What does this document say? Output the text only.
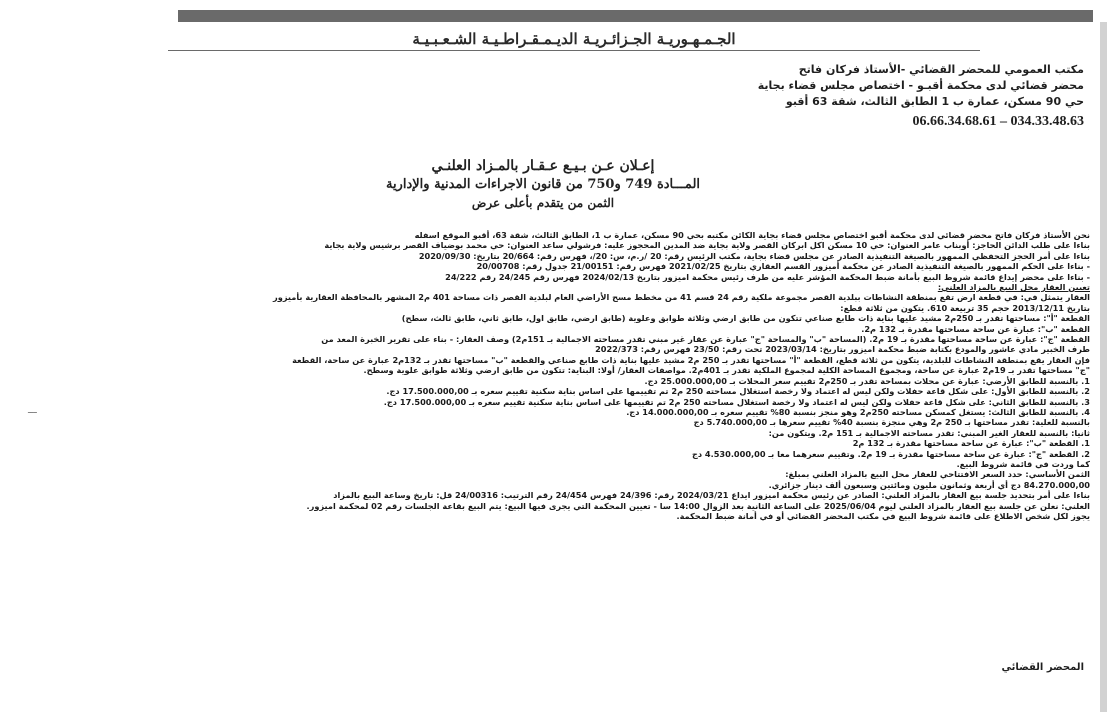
ـــ
الجـمـهـوريـة الجـزائـريـة الديـمـقـراطـيـة الشـعـبـيـة
مكتب العمومي للمحضر القضائي -الأستاذ فركان فاتح
محضر قضائي لدى محكمة أقبـو - اختصاص مجلس قضاء بجاية
حي 90 مسكن، عمارة ب 1 الطابق الثالث، شقة 63 أقبو
06.66.34.68.61 – 034.33.48.63
إعـلان عـن بـيـع عـقـار بالمـزاد العلنـي
المـــادة 749 و750 من قانون الاجراءات المدنية والإدارية
الثمن من يتقدم بأعلى عرض

نحن الأستاذ فركان فاتح محضر قضائي لدى محكمة أقبو اختصاص مجلس قضاء بجاية الكائن مكتبه بحي 90 مسكن، عمارة ب 1، الطابق الثالث، شقة 63، أقبو الموقع اسفله

بناءا على طلب الدائن الحاجز: أوبناب عامر العنوان: حي 10 مسكن اكل ابركان القصر ولاية بجاية ضد المدين المحجوز عليه: فرشولي ساعد العنوان: حي محمد بوضياف القصر برشيس ولاية بجاية

بناءا على أمر الحجز التحفظي الممهور بالصيغة التنفيذية الصادر عن مجلس قضاء بجاية، مكتب الرئيس رقم: 20 /ر.م، س: 20/، فهرس رقم: 20/664 بتاريخ: 2020/09/30

- بناءا على الحكم الممهور بالصيغة التنفيذية الصادر عن محكمة أميزور القسم العقاري بتاريخ 2021/02/25 فهرس رقم: 21/00151 جدول رقم: 20/00708

- بناءا على محضر إيداع قائمة شروط البيع بأمانة ضبط المحكمة المؤشر عليه من طرف رئيس محكمة اميزور بتاريخ 2024/02/13 فهرس رقم 24/245 رقم 24/222

تعيين العقار محل البيع بالمزاد العلني:

العقار يتمثل في: في قطعة ارض تقع بمنطقة النشاطات ببلدية القصر مجموعة ملكية رقم 24 قسم 41 من مخطط مسح الأراضي العام لبلدية القصر ذات مساحة 401 م2 المشهر بالمحافظة العقارية بأميزور

بتاريخ 2013/12/11 حجم 35 تربيعة 610. يتكون من ثلاثة قطع:

القطعة "أ": مساحتها تقدر بـ 250م2 مشيد عليها بناية ذات طابع صناعي تتكون من طابق ارضي وثلاثة طوابق وعلوية (طابق ارضي، طابق اول، طابق ثاني، طابق ثالث، سطح)

القطعة "ب": عبارة عن ساحة مساحتها مقدرة بـ 132 م2.

القطعة "ج": عبارة عن ساحة مساحتها مقدرة بـ 19 م2. (المساحة "ب" والمساحة "ج" عبارة عن عقار غير مبني تقدر مساحته الاجمالية بـ 151م2) وصف العقار: - بناء على تقرير الخبرة المعد من

طرف الخبير مادي عاشور والمودع بكتابة ضبط محكمة اميزور بتاريخ: 2023/03/14 تحت رقم: 23/50 فهرس رقم: 2022/373

فإن العقار يقع بمنطقة النشاطات للبلدية، يتكون من ثلاثة قطع، القطعة "أ" مساحتها تقدر بـ 250 م2 مشيد عليها بناية ذات طابع صناعي والقطعة "ب" مساحتها تقدر بـ 132م2 عبارة عن ساحة، القطعة

"ج" مساحتها تقدر بـ 19م2 عبارة عن ساحة، ومجموع المساحة الكلية لمجموع الملكية تقدر بـ 401م2. مواصفات العقار/ أولا: البناية: تتكون من طابق ارضي وثلاثة طوابق علوية وسطح.

1. بالنسبة للطابق الأرضي: عبارة عن محلات بمساحة تقدر بـ 250م2 تقييم سعر المحلات بـ 25.000.000,00 دج.

2. بالنسبة للطابق الأول: على شكل قاعة حفلات ولكن ليس له اعتماد ولا رخصة استغلال مساحته 250 م2 تم تقييمها على اساس بناية سكنية تقييم سعره بـ 17.500.000,00 دج.

3. بالنسبة للطابق الثاني: على شكل قاعة حفلات ولكن ليس له اعتماد ولا رخصة استغلال مساحته 250 م2 تم تقييمها على اساس بناية سكنية تقييم سعره بـ 17.500.000,00 دج.

4. بالنسبة للطابق الثالث: يستغل كمسكن مساحته 250م2 وهو منجز بنسبة 80% تقييم سعره بـ 14.000.000,00 دج.

بالنسبة للعلية: تقدر مساحتها بـ 250 م2 وهي منجزة بنسبة 40% تقييم سعرها بـ 5.740.000,00 دج

ثانيا: بالنسبة للعقار الغير المبني: تقدر مساحته الاجمالية بـ 151 م2. ويتكون من:

1. القطعة "ب": عبارة عن ساحة مساحتها مقدرة بـ 132 م2

2. القطعة "ج": عبارة عن ساحة مساحتها مقدرة بـ 19 م2. وتقييم سعرهما معا بـ 4.530.000,00 دج

كما وردت في قائمة شروط البيع.

الثمن الأساسي: حدد السعر الافتتاحي للعقار محل البيع بالمزاد العلني بمبلغ:

84.270.000,00 دج أي أربعة وثمانون مليون ومائتين وسبعون ألف دينار جزائري.

بناءا على أمر بتحديد جلسة بيع العقار بالمزاد العلني: الصادر عن رئيس محكمة اميزور ايداع 2024/03/21 رقم: 24/396 فهرس 24/454 رقم الترتيب: 24/00316 قل: تاريخ وساعة البيع بالمزاد

العلني: نعلن عن جلسة بيع العقار بالمزاد العلني ليوم 2025/06/04 على الساعة الثانية بعد الزوال 14:00 سا - تعيين المحكمة التي يجرى فيها البيع: يتم البيع بقاعة الجلسات رقم 02 لمحكمة اميزور.

يجوز لكل شخص الاطلاع على قائمة شروط البيع في مكتب المحضر القضائي أو في أمانة ضبط المحكمة.

المحضر القضائي
